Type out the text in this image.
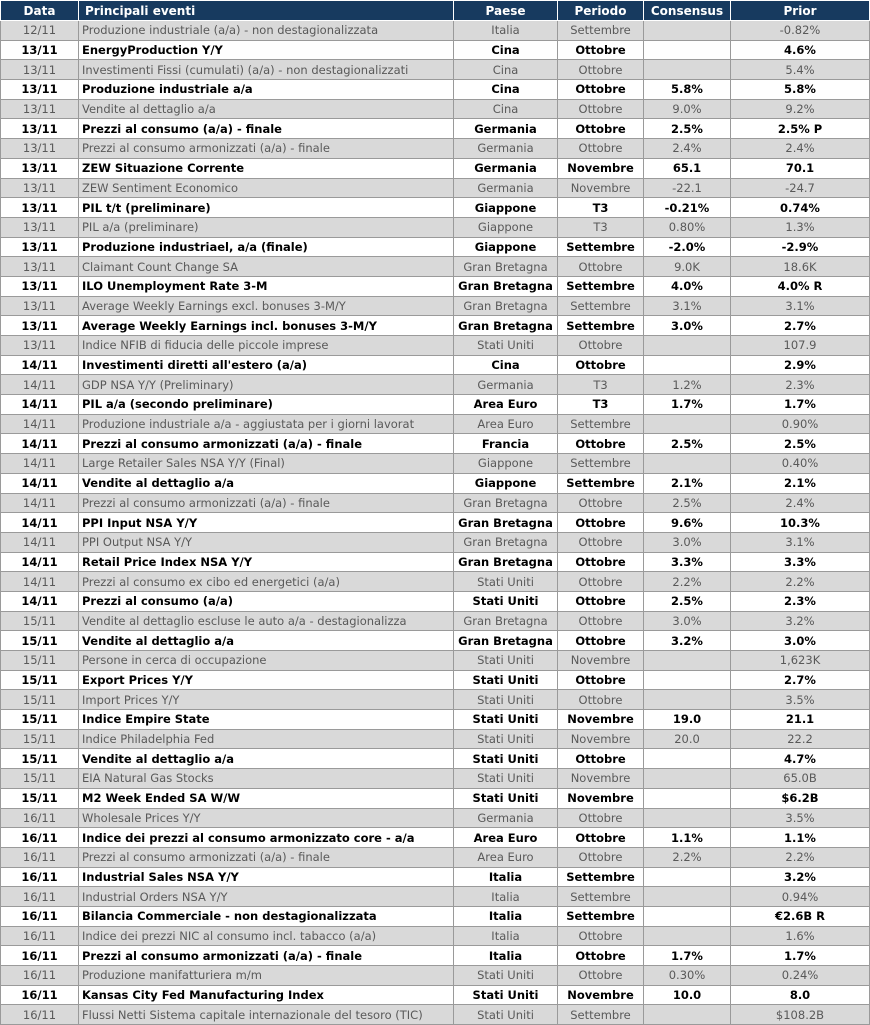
Data	Principali eventi	Paese	Periodo	Consensus	Prior
12/11	Produzione industriale (a/a) - non destagionalizzata	Italia	Settembre		-0.82%
13/11	EnergyProduction Y/Y	Cina	Ottobre		4.6%
13/11	Investimenti Fissi (cumulati) (a/a) - non destagionalizzati	Cina	Ottobre		5.4%
13/11	Produzione industriale a/a	Cina	Ottobre	5.8%	5.8%
13/11	Vendite al dettaglio a/a	Cina	Ottobre	9.0%	9.2%
13/11	Prezzi al consumo (a/a) - finale	Germania	Ottobre	2.5%	2.5% P
13/11	Prezzi al consumo armonizzati (a/a) - finale	Germania	Ottobre	2.4%	2.4%
13/11	ZEW Situazione Corrente	Germania	Novembre	65.1	70.1
13/11	ZEW Sentiment Economico	Germania	Novembre	-22.1	-24.7
13/11	PIL t/t (preliminare)	Giappone	T3	-0.21%	0.74%
13/11	PIL a/a (preliminare)	Giappone	T3	0.80%	1.3%
13/11	Produzione industriael, a/a (finale)	Giappone	Settembre	-2.0%	-2.9%
13/11	Claimant Count Change SA	Gran Bretagna	Ottobre	9.0K	18.6K
13/11	ILO Unemployment Rate 3-M	Gran Bretagna	Settembre	4.0%	4.0% R
13/11	Average Weekly Earnings excl. bonuses 3-M/Y	Gran Bretagna	Settembre	3.1%	3.1%
13/11	Average Weekly Earnings incl. bonuses 3-M/Y	Gran Bretagna	Settembre	3.0%	2.7%
13/11	Indice NFIB di fiducia delle piccole imprese	Stati Uniti	Ottobre		107.9
14/11	Investimenti diretti all'estero (a/a)	Cina	Ottobre		2.9%
14/11	GDP NSA Y/Y (Preliminary)	Germania	T3	1.2%	2.3%
14/11	PIL a/a (secondo preliminare)	Area Euro	T3	1.7%	1.7%
14/11	Produzione industriale a/a - aggiustata per i giorni lavorat	Area Euro	Settembre		0.90%
14/11	Prezzi al consumo armonizzati (a/a) - finale	Francia	Ottobre	2.5%	2.5%
14/11	Large Retailer Sales NSA Y/Y (Final)	Giappone	Settembre		0.40%
14/11	Vendite al dettaglio a/a	Giappone	Settembre	2.1%	2.1%
14/11	Prezzi al consumo armonizzati (a/a) - finale	Gran Bretagna	Ottobre	2.5%	2.4%
14/11	PPI Input NSA Y/Y	Gran Bretagna	Ottobre	9.6%	10.3%
14/11	PPI Output NSA Y/Y	Gran Bretagna	Ottobre	3.0%	3.1%
14/11	Retail Price Index NSA Y/Y	Gran Bretagna	Ottobre	3.3%	3.3%
14/11	Prezzi al consumo ex cibo ed energetici (a/a)	Stati Uniti	Ottobre	2.2%	2.2%
14/11	Prezzi al consumo (a/a)	Stati Uniti	Ottobre	2.5%	2.3%
15/11	Vendite al dettaglio escluse le auto a/a - destagionalizza	Gran Bretagna	Ottobre	3.0%	3.2%
15/11	Vendite al dettaglio a/a	Gran Bretagna	Ottobre	3.2%	3.0%
15/11	Persone in cerca di occupazione	Stati Uniti	Novembre		1,623K
15/11	Export Prices Y/Y	Stati Uniti	Ottobre		2.7%
15/11	Import Prices Y/Y	Stati Uniti	Ottobre		3.5%
15/11	Indice Empire State	Stati Uniti	Novembre	19.0	21.1
15/11	Indice Philadelphia Fed	Stati Uniti	Novembre	20.0	22.2
15/11	Vendite al dettaglio a/a	Stati Uniti	Ottobre		4.7%
15/11	EIA Natural Gas Stocks	Stati Uniti	Novembre		65.0B
15/11	M2 Week Ended SA W/W	Stati Uniti	Novembre		$6.2B
16/11	Wholesale Prices Y/Y	Germania	Ottobre		3.5%
16/11	Indice dei prezzi al consumo armonizzato core - a/a	Area Euro	Ottobre	1.1%	1.1%
16/11	Prezzi al consumo armonizzati (a/a) - finale	Area Euro	Ottobre	2.2%	2.2%
16/11	Industrial Sales NSA Y/Y	Italia	Settembre		3.2%
16/11	Industrial Orders NSA Y/Y	Italia	Settembre		0.94%
16/11	Bilancia Commerciale - non destagionalizzata	Italia	Settembre		€2.6B R
16/11	Indice dei prezzi NIC al consumo incl. tabacco (a/a)	Italia	Ottobre		1.6%
16/11	Prezzi al consumo armonizzati (a/a) - finale	Italia	Ottobre	1.7%	1.7%
16/11	Produzione manifatturiera m/m	Stati Uniti	Ottobre	0.30%	0.24%
16/11	Kansas City Fed Manufacturing Index	Stati Uniti	Novembre	10.0	8.0
16/11	Flussi Netti Sistema capitale internazionale del tesoro (TIC)	Stati Uniti	Settembre		$108.2B
